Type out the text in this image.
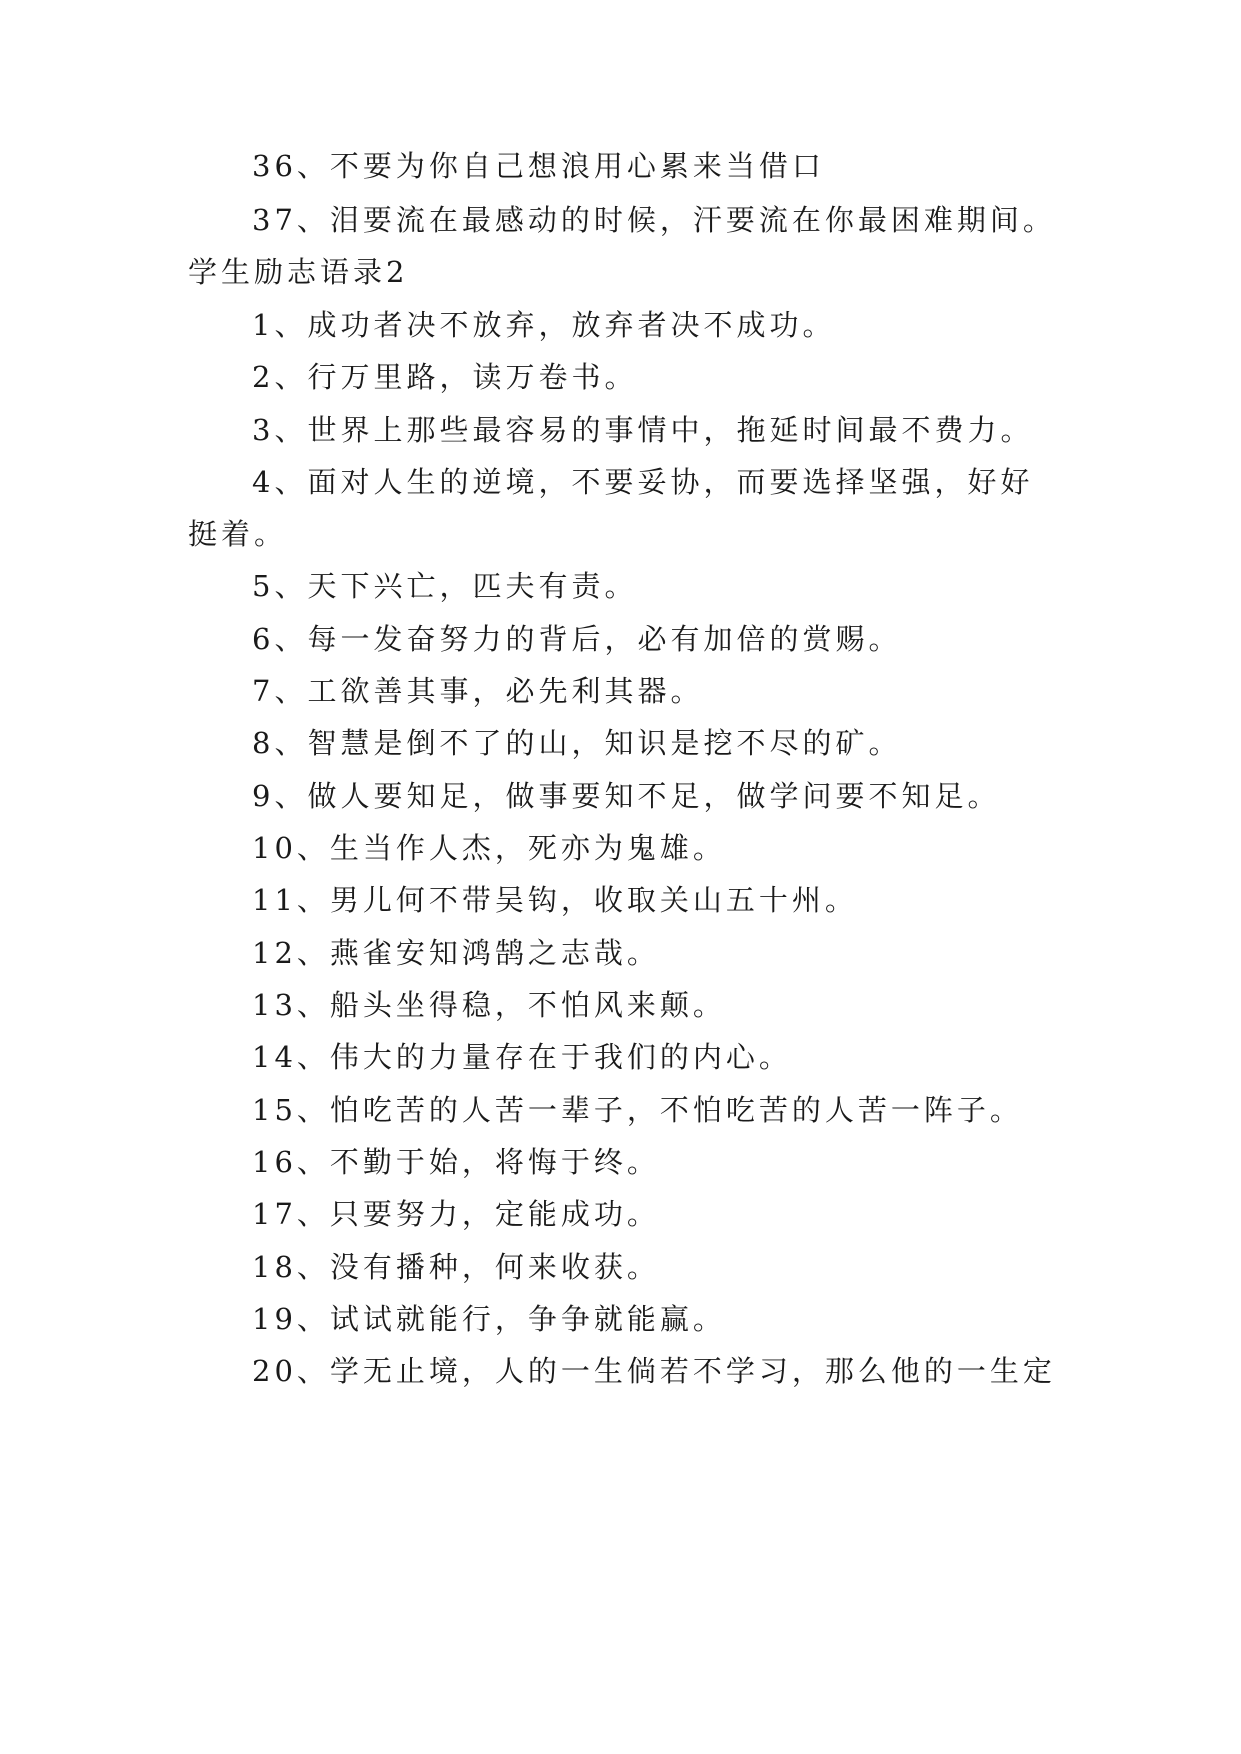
36、不要为你自己想浪用心累来当借口
37、泪要流在最感动的时候，汗要流在你最困难期间。
学生励志语录2
1、成功者决不放弃，放弃者决不成功。
2、行万里路，读万卷书。
3、世界上那些最容易的事情中，拖延时间最不费力。
4、面对人生的逆境，不要妥协，而要选择坚强，好好
挺着。
5、天下兴亡，匹夫有责。
6、每一发奋努力的背后，必有加倍的赏赐。
7、工欲善其事，必先利其器。
8、智慧是倒不了的山，知识是挖不尽的矿。
9、做人要知足，做事要知不足，做学问要不知足。
10、生当作人杰，死亦为鬼雄。
11、男儿何不带吴钩，收取关山五十州。
12、燕雀安知鸿鹄之志哉。
13、船头坐得稳，不怕风来颠。
14、伟大的力量存在于我们的内心。
15、怕吃苦的人苦一辈子，不怕吃苦的人苦一阵子。
16、不勤于始，将悔于终。
17、只要努力，定能成功。
18、没有播种，何来收获。
19、试试就能行，争争就能赢。
20、学无止境，人的一生倘若不学习，那么他的一生定
